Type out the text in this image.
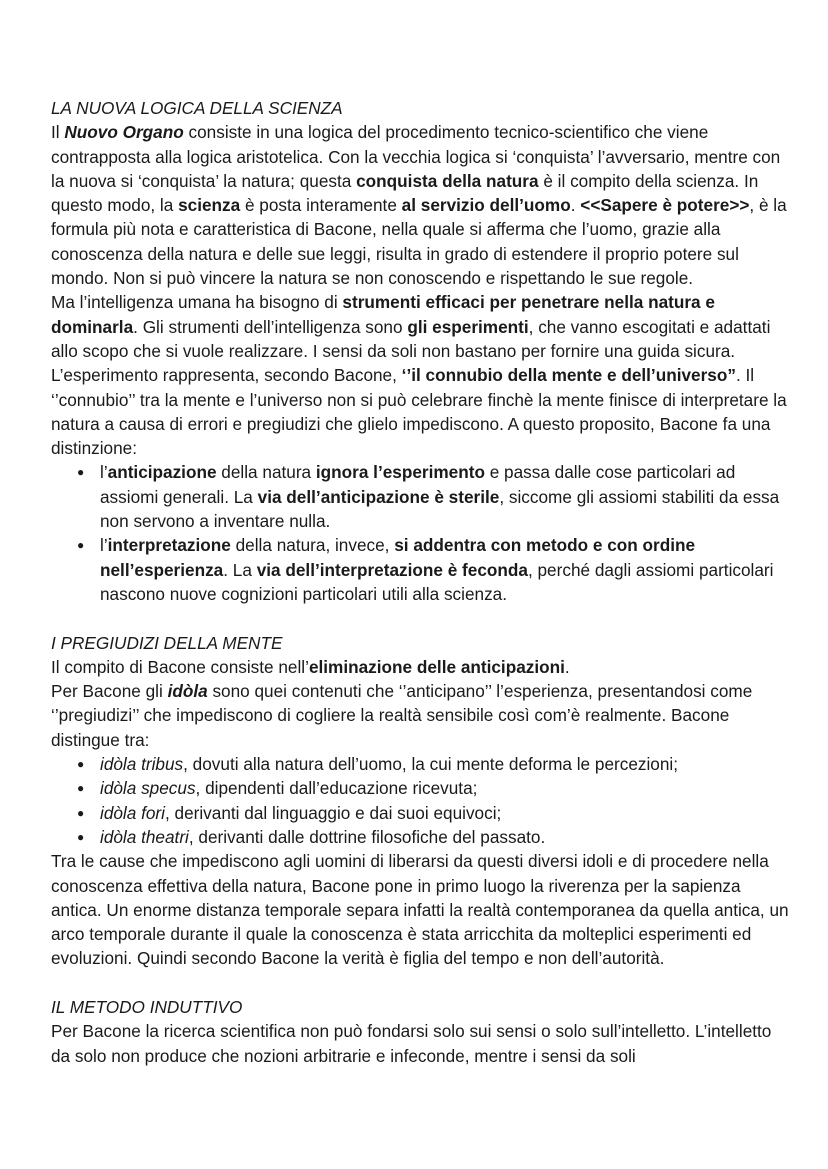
LA NUOVA LOGICA DELLA SCIENZA

Il Nuovo Organo consiste in una logica del procedimento tecnico-scientifico che viene contrapposta alla logica aristotelica. Con la vecchia logica si ‘conquista’ l’avversario, mentre con la nuova si ‘conquista’ la natura; questa conquista della natura è il compito della scienza. In questo modo, la scienza è posta interamente al servizio dell’uomo. <<Sapere è potere>>, è la formula più nota e caratteristica di Bacone, nella quale si afferma che l’uomo, grazie alla conoscenza della natura e delle sue leggi, risulta in grado di estendere il proprio potere sul mondo. Non si può vincere la natura se non conoscendo e rispettando le sue regole.

Ma l’intelligenza umana ha bisogno di strumenti efficaci per penetrare nella natura e dominarla. Gli strumenti dell’intelligenza sono gli esperimenti, che vanno escogitati e adattati allo scopo che si vuole realizzare. I sensi da soli non bastano per fornire una guida sicura. L’esperimento rappresenta, secondo Bacone, ‘’il connubio della mente e dell’universo”. Il ‘’connubio’’ tra la mente e l’universo non si può celebrare finchè la mente finisce di interpretare la natura a causa di errori e pregiudizi che glielo impediscono. A questo proposito, Bacone fa una distinzione:

● l’anticipazione della natura ignora l’esperimento e passa dalle cose particolari ad assiomi generali. La via dell’anticipazione è sterile, siccome gli assiomi stabiliti da essa non servono a inventare nulla.
● l’interpretazione della natura, invece, si addentra con metodo e con ordine nell’esperienza. La via dell’interpretazione è feconda, perché dagli assiomi particolari nascono nuove cognizioni particolari utili alla scienza.

I PREGIUDIZI DELLA MENTE

Il compito di Bacone consiste nell’eliminazione delle anticipazioni.

Per Bacone gli idòla sono quei contenuti che ‘’anticipano’’ l’esperienza, presentandosi come ‘’pregiudizi’’ che impediscono di cogliere la realtà sensibile così com’è realmente. Bacone distingue tra:

● idòla tribus, dovuti alla natura dell’uomo, la cui mente deforma le percezioni;
● idòla specus, dipendenti dall’educazione ricevuta;
● idòla fori, derivanti dal linguaggio e dai suoi equivoci;
● idòla theatri, derivanti dalle dottrine filosofiche del passato.

Tra le cause che impediscono agli uomini di liberarsi da questi diversi idoli e di procedere nella conoscenza effettiva della natura, Bacone pone in primo luogo la riverenza per la sapienza antica. Un enorme distanza temporale separa infatti la realtà contemporanea da quella antica, un arco temporale durante il quale la conoscenza è stata arricchita da molteplici esperimenti ed evoluzioni. Quindi secondo Bacone la verità è figlia del tempo e non dell’autorità.

IL METODO INDUTTIVO

Per Bacone la ricerca scientifica non può fondarsi solo sui sensi o solo sull’intelletto. L’intelletto da solo non produce che nozioni arbitrarie e infeconde, mentre i sensi da soli
